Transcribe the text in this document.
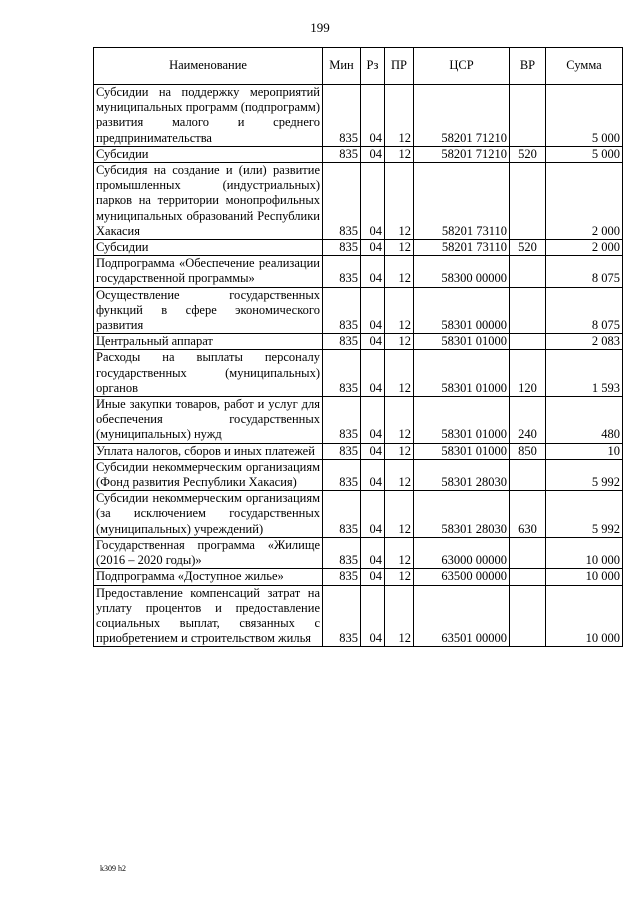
199
Наименование	Мин	Рз	ПР	ЦСР	ВР	Сумма
Субсидии на поддержку мероприятий муниципальных программ (подпрограмм) развития малого и среднего предпринимательства	835	04	12	58201 71210		5 000
Субсидии	835	04	12	58201 71210	520	5 000
Субсидия на создание и (или) развитие промышленных (индустриальных) парков на территории монопрофильных муниципальных образований Республики Хакасия	835	04	12	58201 73110		2 000
Субсидии	835	04	12	58201 73110	520	2 000
Подпрограмма «Обеспечение реализации государственной программы»	835	04	12	58300 00000		8 075
Осуществление государственных функций в сфере экономического развития	835	04	12	58301 00000		8 075
Центральный аппарат	835	04	12	58301 01000		2 083
Расходы на выплаты персоналу государственных (муниципальных) органов	835	04	12	58301 01000	120	1 593
Иные закупки товаров, работ и услуг для обеспечения государственных (муниципальных) нужд	835	04	12	58301 01000	240	480
Уплата налогов, сборов и иных платежей	835	04	12	58301 01000	850	10
Субсидии некоммерческим организациям (Фонд развития Республики Хакасия)	835	04	12	58301 28030		5 992
Субсидии некоммерческим организациям (за исключением государственных (муниципальных) учреждений)	835	04	12	58301 28030	630	5 992
Государственная программа «Жилище (2016 – 2020 годы)»	835	04	12	63000 00000		10 000
Подпрограмма «Доступное жилье»	835	04	12	63500 00000		10 000
Предоставление компенсаций затрат на уплату процентов и предоставление социальных выплат, связанных с приобретением и строительством жилья	835	04	12	63501 00000		10 000
k309 h2
